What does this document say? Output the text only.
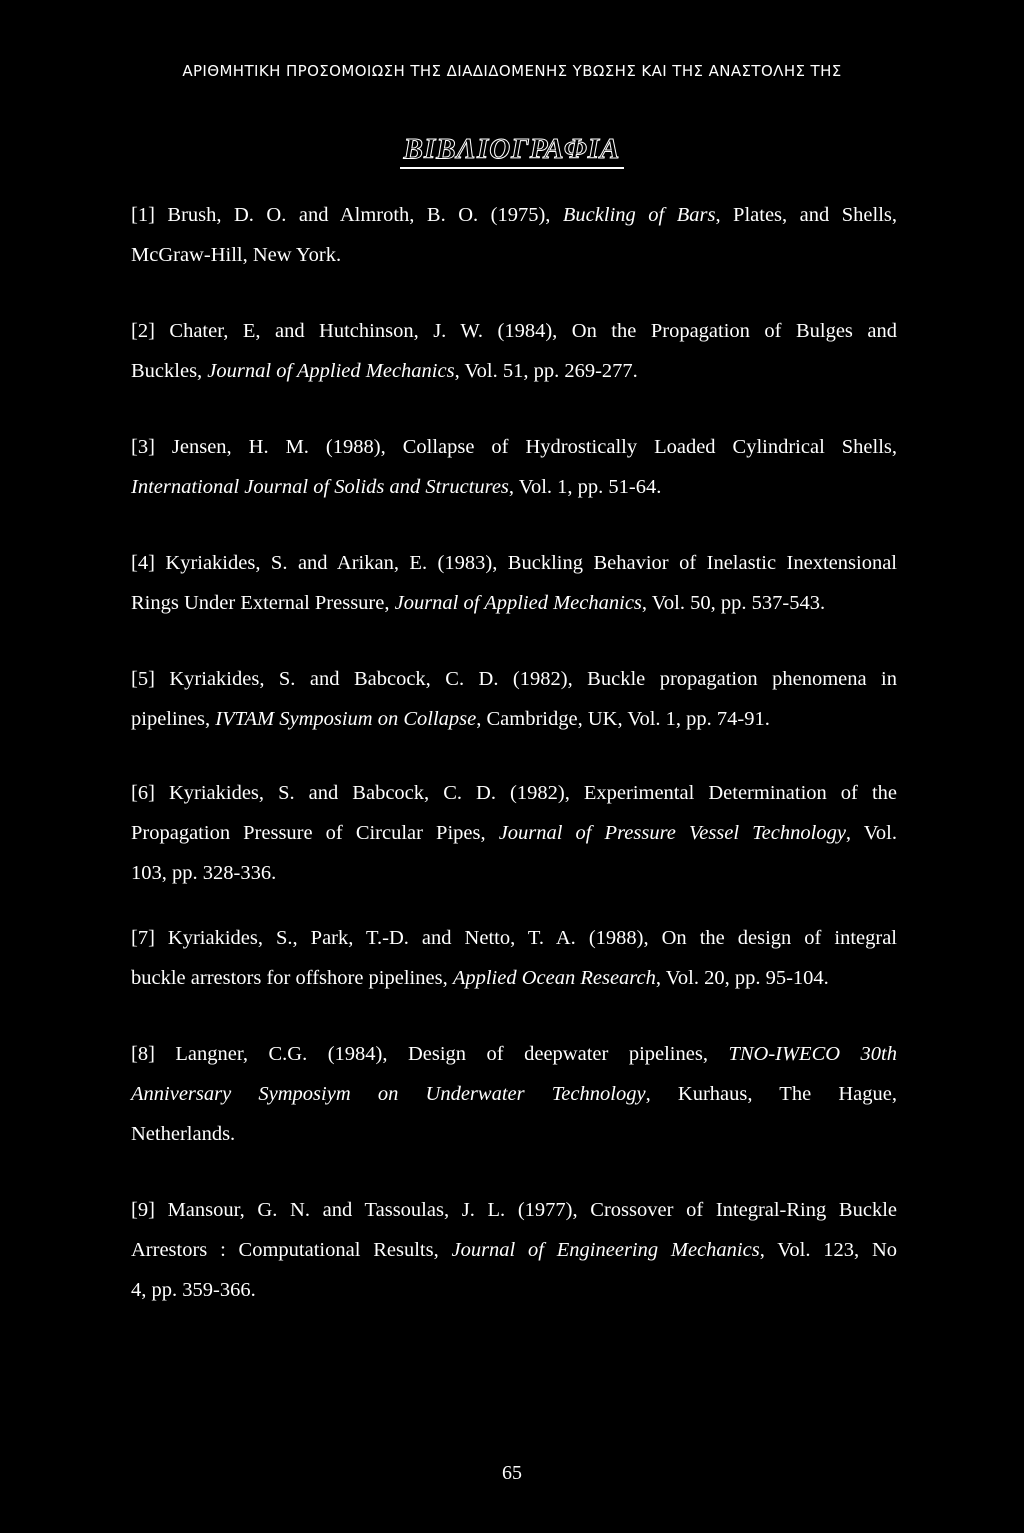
ΑΡΙΘΜΗΤΙΚΗ ΠΡΟΣΟΜΟΙΩΣΗ ΤΗΣ ΔΙΑΔΙΔΟΜΕΝΗΣ ΥΒΩΣΗΣ ΚΑΙ ΤΗΣ ΑΝΑΣΤΟΛΗΣ ΤΗΣ
ΒΙΒΛΙΟΓΡΑΦΙΑ
[1] Brush, D. O. and Almroth, B. O. (1975), Buckling of Bars, Plates, and Shells,
McGraw-Hill, New York.
[2] Chater, E, and Hutchinson, J. W. (1984), On the Propagation of Bulges and
Buckles, Journal of Applied Mechanics, Vol. 51, pp. 269-277.
[3] Jensen, H. M. (1988), Collapse of Hydrostically Loaded Cylindrical Shells,
International Journal of Solids and Structures, Vol. 1, pp. 51-64.
[4] Kyriakides, S. and Arikan, E. (1983), Buckling Behavior of Inelastic Inextensional
Rings Under External Pressure, Journal of Applied Mechanics, Vol. 50, pp. 537-543.
[5] Kyriakides, S. and Babcock, C. D. (1982), Buckle propagation phenomena in
pipelines, IVTAM Symposium on Collapse, Cambridge, UK, Vol. 1, pp. 74-91.
[6] Kyriakides, S. and Babcock, C. D. (1982), Experimental Determination of the
Propagation Pressure of Circular Pipes, Journal of Pressure Vessel Technology, Vol.
103, pp. 328-336.
[7] Kyriakides, S., Park, T.-D. and Netto, T. A. (1988), On the design of integral
buckle arrestors for offshore pipelines, Applied Ocean Research, Vol. 20, pp. 95-104.
[8] Langner, C.G. (1984), Design of deepwater pipelines, TNO-IWECO 30th
Anniversary Symposiym on Underwater Technology, Kurhaus, The Hague,
Netherlands.
[9] Mansour, G. N. and Tassoulas, J. L. (1977), Crossover of Integral-Ring Buckle
Arrestors : Computational Results, Journal of Engineering Mechanics, Vol. 123, No
4, pp. 359-366.
65
